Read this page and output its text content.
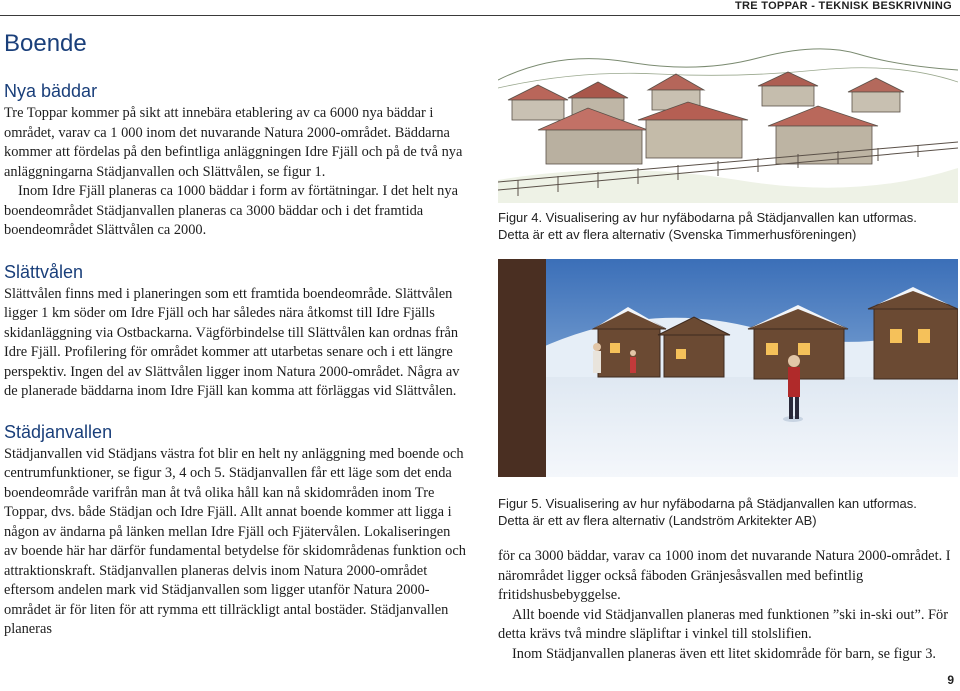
TRE TOPPAR - TEKNISK BESKRIVNING
Boende
Nya bäddar

Tre Toppar kommer på sikt att innebära etablering av ca 6000 nya bäddar i området, varav ca 1 000 inom det nuvarande Natura 2000-området. Bäddarna kommer att fördelas på den befintliga anläggningen Idre Fjäll och på de två nya anläggningarna Städjanvallen och Slättvålen, se figur 1.

Inom Idre Fjäll planeras ca 1000 bäddar i form av förtätningar. I det helt nya boendeområdet Städjanvallen planeras ca 3000 bäddar och i det framtida boendeområdet Slättvålen ca 2000.

Slättvålen

Slättvålen finns med i planeringen som ett framtida boendeområde. Slättvålen ligger 1 km söder om Idre Fjäll och har således nära åtkomst till Idre Fjälls skidanläggning via Ostbackarna. Vägförbindelse till Slättvålen kan ordnas från Idre Fjäll. Profilering för området kommer att utarbetas senare och i ett längre perspektiv. Ingen del av Slättvålen ligger inom Natura 2000-området. Några av de planerade bäddarna inom Idre Fjäll kan komma att förläggas vid Slättvålen.

Städjanvallen

Städjanvallen vid Städjans västra fot blir en helt ny anläggning med boende och centrumfunktioner, se figur 3, 4 och 5. Städjanvallen får ett läge som det enda boendeområde varifrån man åt två olika håll kan nå skidområden inom Tre Toppar, dvs. både Städjan och Idre Fjäll. Allt annat boende kommer att ligga i någon av ändarna på länken mellan Idre Fjäll och Fjätervålen. Lokaliseringen av boende här har därför fundamental betydelse för skidområdenas funktion och attraktionskraft. Städjanvallen planeras delvis inom Natura 2000-området eftersom andelen mark vid Städjanvallen som ligger utanför Natura 2000-området är för liten för att rymma ett tillräckligt antal bostäder. Städjanvallen planeras

Figur 4. Visualisering av hur nyfäbodarna på Städjanvallen kan utformas.
Detta är ett av flera alternativ (Svenska Timmerhusföreningen)
Figur 5. Visualisering av hur nyfäbodarna på Städjanvallen kan utformas.
Detta är ett av flera alternativ (Landström Arkitekter AB)

för ca 3000 bäddar, varav ca 1000 inom det nuvarande Natura 2000-området. I närområdet ligger också fäboden Gränjesåsvallen med befintlig fritidshusbebyggelse.

Allt boende vid Städjanvallen planeras med funktionen ”ski in-ski out”. För detta krävs två mindre släpliftar i vinkel till stolslifien.

Inom Städjanvallen planeras även ett litet skidområde för barn, se figur 3.

9
